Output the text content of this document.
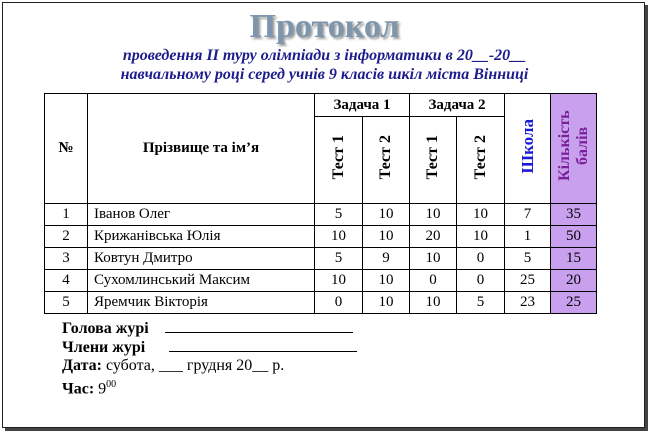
Протокол
проведення ІІ туру олімпіади з інформатики в 20__-20__
навчальному році серед учнів 9 класів шкіл міста Вінниці
№	Прізвище та ім’я	Задача 1		Задача 2		Школа	Кількість балів
		Тест 1	Тест 2	Тест 1	Тест 2		
1	Іванов Олег	5	10	10	10	7	35
2	Крижанівська Юлія	10	10	20	10	1	50
3	Ковтун Дмитро	5	9	10	0	5	15
4	Сухомлинський Максим	10	10	0	0	25	20
5	Яремчик Вікторія	0	10	10	5	23	25
Голова журі
Члени журі
Дата: субота, ___ грудня 20__ р.
Час: $9^{00}$
